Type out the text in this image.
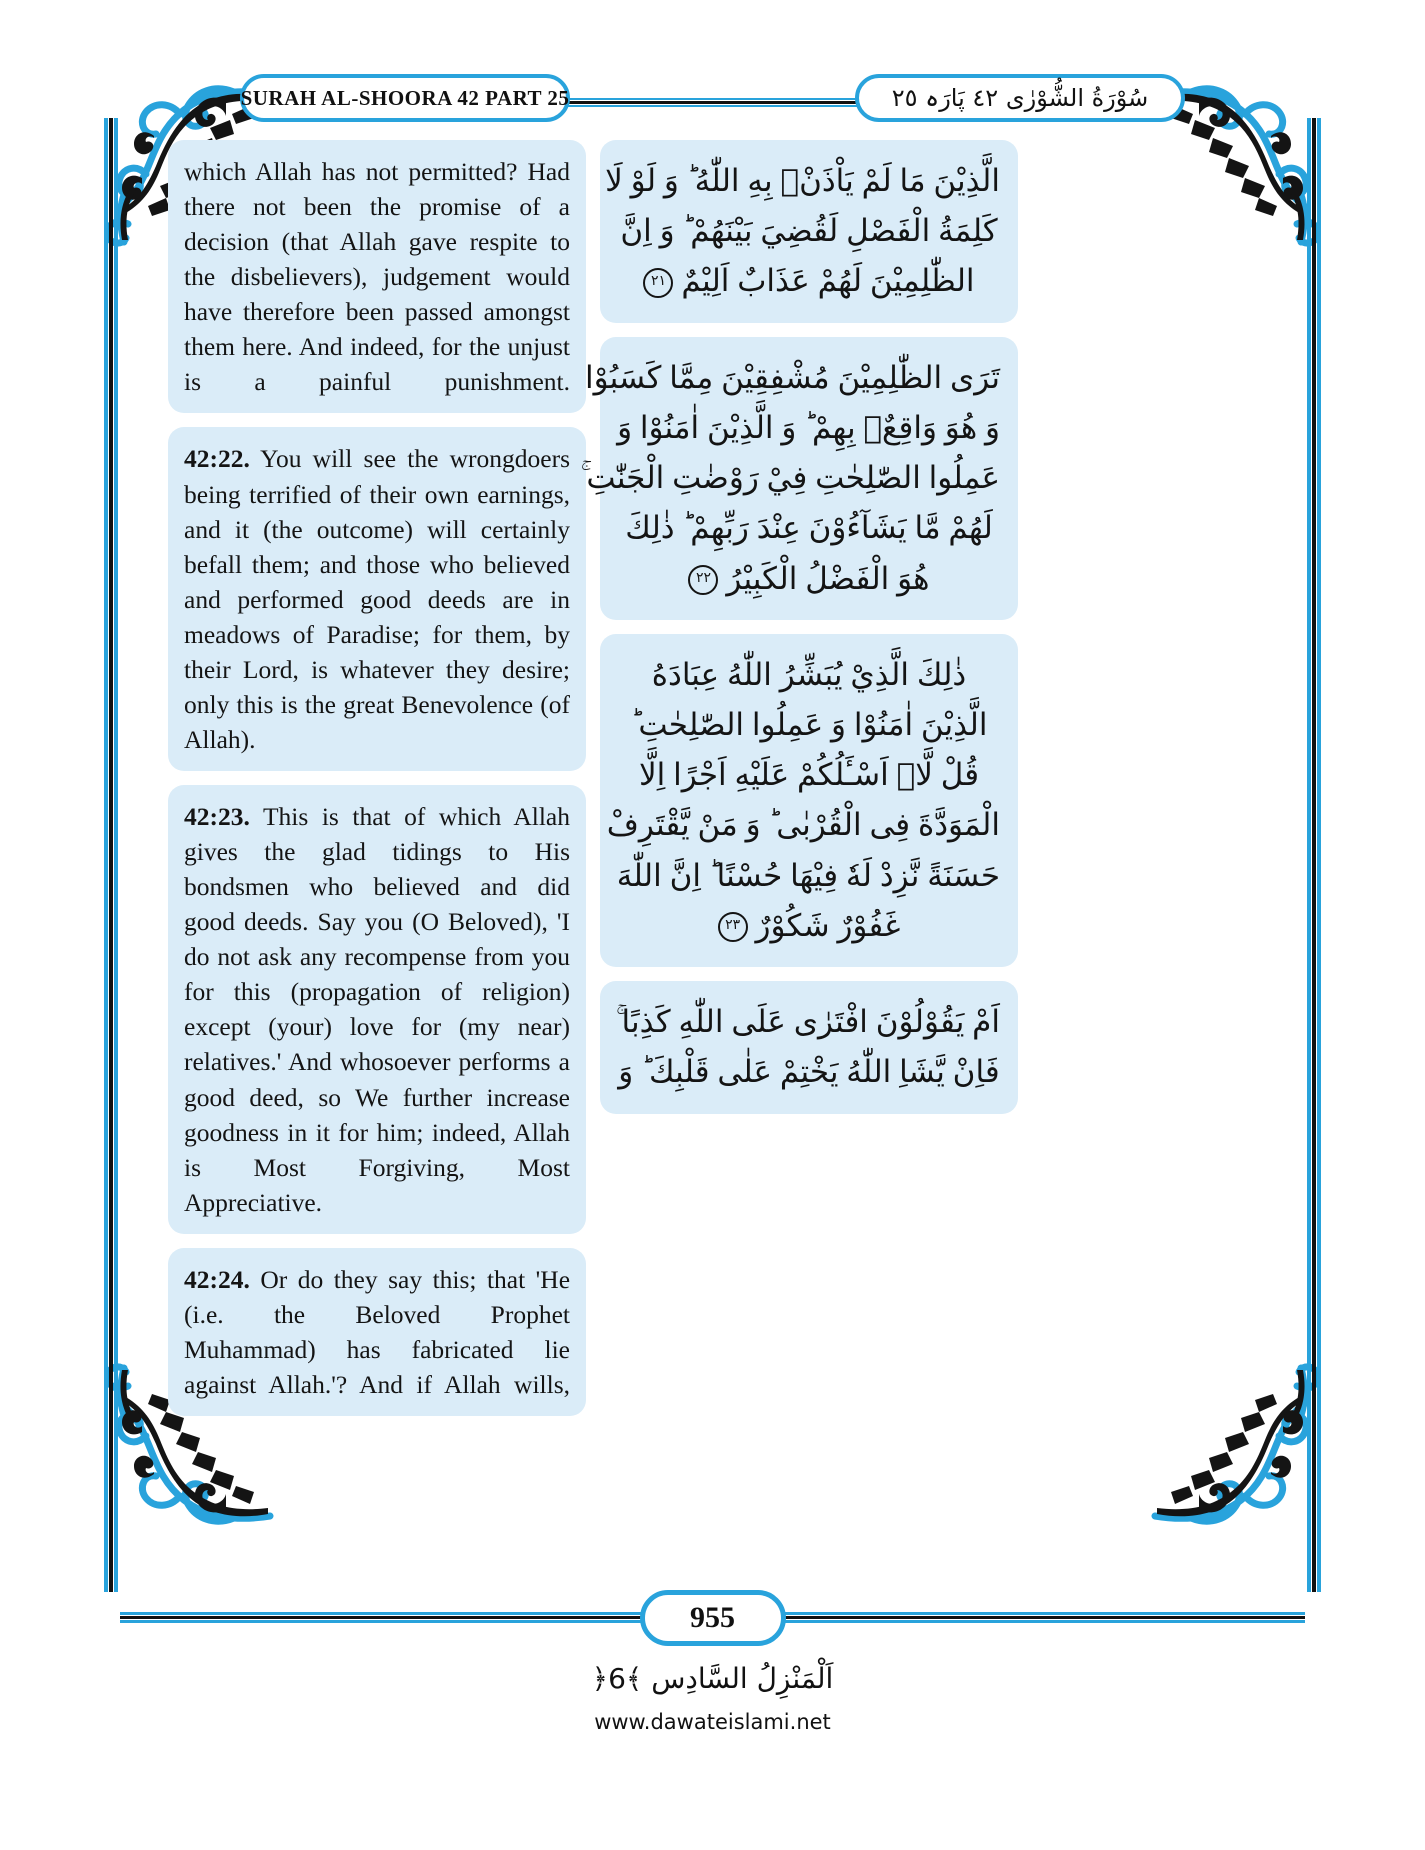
SURAH AL-SHOORA 42 PART 25	سُوْرَةُ الشُّوْرٰی ٤٢ پَارَہ ٢٥

which Allah has not permitted? Had there not been the promise of a decision (that Allah gave respite to the disbelievers), judgement would have therefore been passed amongst them here. And indeed, for the unjust is a painful punishment.

42:22. You will see the wrongdoers being terrified of their own earnings, and it (the outcome) will certainly befall them; and those who believed and performed good deeds are in meadows of Paradise; for them, by their Lord, is whatever they desire; only this is the great Benevolence (of Allah).

42:23. This is that of which Allah gives the glad tidings to His bondsmen who believed and did good deeds. Say you (O Beloved), 'I do not ask any recompense from you for this (propagation of religion) except (your) love for (my near) relatives.' And whosoever performs a good deed, so We further increase goodness in it for him; indeed, Allah is Most Forgiving, Most Appreciative.

42:24. Or do they say this; that 'He (i.e. the Beloved Prophet Muhammad) has fabricated lie against Allah.'? And if Allah wills,

الَّذِيْنَ مَا لَمْ يَاْذَنْۢ بِهِ اللّٰهُ ؕ وَ لَوْ لَا
كَلِمَةُ الْفَصْلِ لَقُضِيَ بَيْنَهُمْ ؕ وَ اِنَّ
الظّٰلِمِيْنَ لَهُمْ عَذَابٌ اَلِيْمٌ ٢١
تَرَى الظّٰلِمِيْنَ مُشْفِقِيْنَ مِمَّا كَسَبُوْا
وَ هُوَ وَاقِعٌۢ بِهِمْ ؕ وَ الَّذِيْنَ اٰمَنُوْا وَ
عَمِلُوا الصّٰلِحٰتِ فِيْ رَوْضٰتِ الْجَنّٰتِ ۚ
لَهُمْ مَّا يَشَآءُوْنَ عِنْدَ رَبِّهِمْ ؕ ذٰلِكَ
هُوَ الْفَضْلُ الْكَبِيْرُ ٢٢
ذٰلِكَ الَّذِيْ يُبَشِّرُ اللّٰهُ عِبَادَهُ
الَّذِيْنَ اٰمَنُوْا وَ عَمِلُوا الصّٰلِحٰتِ ؕ
قُلْ لَّاۤ اَسْـَٔلُكُمْ عَلَيْهِ اَجْرًا اِلَّا
الْمَوَدَّةَ فِى الْقُرْبٰى ؕ وَ مَنْ يَّقْتَرِفْ
حَسَنَةً نَّزِدْ لَهٗ فِيْهَا حُسْنًا ؕ اِنَّ اللّٰهَ
غَفُوْرٌ شَكُوْرٌ ٢٣
اَمْ يَقُوْلُوْنَ افْتَرٰى عَلَى اللّٰهِ كَذِبًا ۚ
فَاِنْ يَّشَاِ اللّٰهُ يَخْتِمْ عَلٰى قَلْبِكَ ؕ وَ
955
اَلْمَنْزِلُ السَّادِس ﴾6﴿
www.dawateislami.net
